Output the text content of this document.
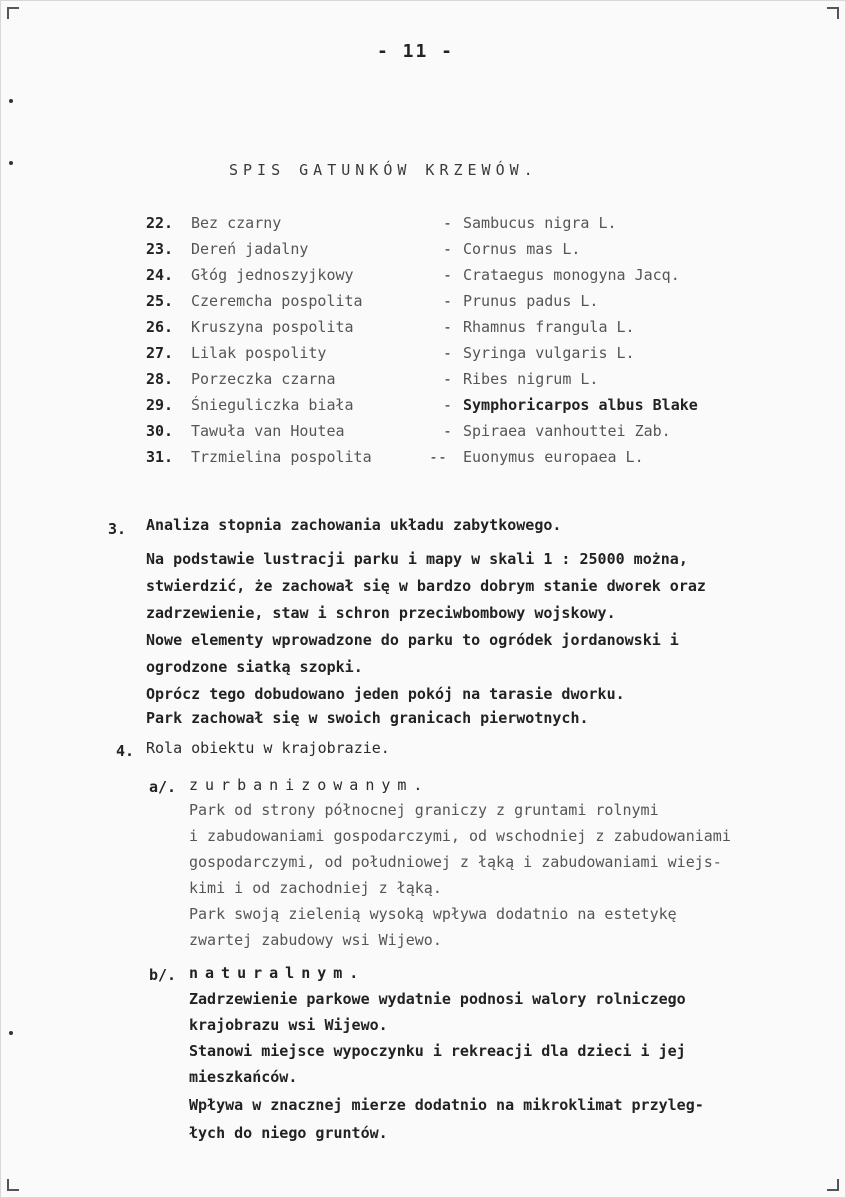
- 11 -
SPIS GATUNKÓW KRZEWÓW.
22.	Bez czarny	- Sambucus nigra L.
23.	Dereń jadalny	- Cornus mas L.
24.	Głóg jednoszyjkowy	- Crataegus monogyna Jacq.
25.	Czeremcha pospolita	- Prunus padus L.
26.	Kruszyna pospolita	- Rhamnus frangula L.
27.	Lilak pospolity	- Syringa vulgaris L.
28.	Porzeczka czarna	- Ribes nigrum L.
29.	Śnieguliczka biała	- Symphoricarpos albus Blake
30.	Tawuła van Houtea	- Spiraea vanhouttei Zab.
31.	Trzmielina pospolita	-- Euonymus europaea L.
3. Analiza stopnia zachowania układu zabytkowego.
Na podstawie lustracji parku i mapy w skali 1 : 25000 można,
stwierdzić, że zachował się w bardzo dobrym stanie dworek oraz
zadrzewienie, staw i schron przeciwbombowy wojskowy.
Nowe elementy wprowadzone do parku to ogródek jordanowski i
ogrodzone siatką szopki.
Oprócz tego dobudowano jeden pokój na tarasie dworku.
Park zachował się w swoich granicach pierwotnych.
4. Rola obiektu w krajobrazie.
a/. zurbanizowanym.
Park od strony północnej graniczy z gruntami rolnymi
i zabudowaniami gospodarczymi, od wschodniej z zabudowaniami
gospodarczymi, od południowej z łąką i zabudowaniami wiejs-
kimi i od zachodniej z łąką.
Park swoją zielenią wysoką wpływa dodatnio na estetykę
zwartej zabudowy wsi Wijewo.
b/. naturalnym.
Zadrzewienie parkowe wydatnie podnosi walory rolniczego
krajobrazu wsi Wijewo.
Stanowi miejsce wypoczynku i rekreacji dla dzieci i jej
mieszkańców.
Wpływa w znacznej mierze dodatnio na mikroklimat przyleg-
łych do niego gruntów.
